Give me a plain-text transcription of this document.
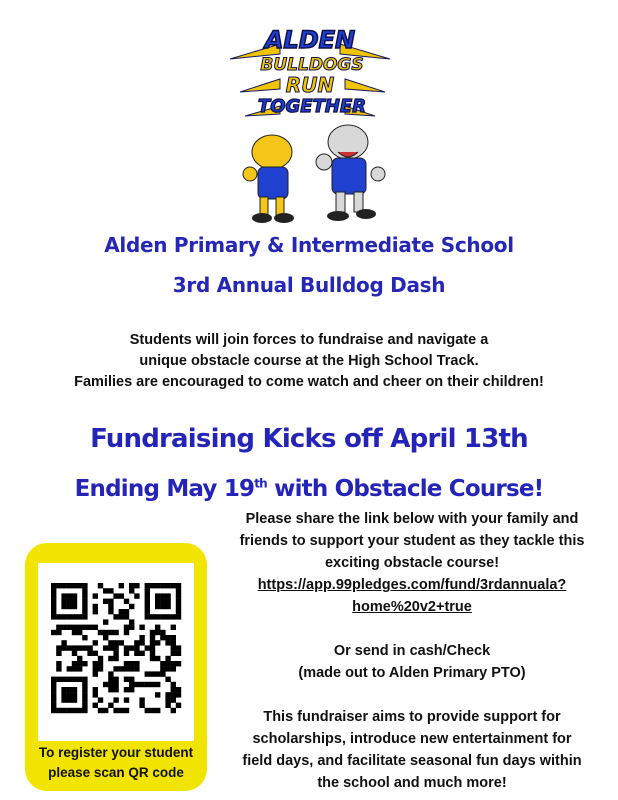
ALDEN
BULLDOGS
RUN
TOGETHER
Alden Primary & Intermediate School
3rd Annual Bulldog Dash
Students will join forces to fundraise and navigate a
unique obstacle course at the High School Track.
Families are encouraged to come watch and cheer on their children!
Fundraising Kicks off April 13th
Ending May 19th with Obstacle Course!
Please share the link below with your family and
friends to support your student as they tackle this
exciting obstacle course!
https://app.99pledges.com/fund/3rdannuala?
home%20v2+true
Or send in cash/Check
(made out to Alden Primary PTO)
This fundraiser aims to provide support for
scholarships, introduce new entertainment for
field days, and facilitate seasonal fun days within
the school and much more!
To register your student
please scan QR code
